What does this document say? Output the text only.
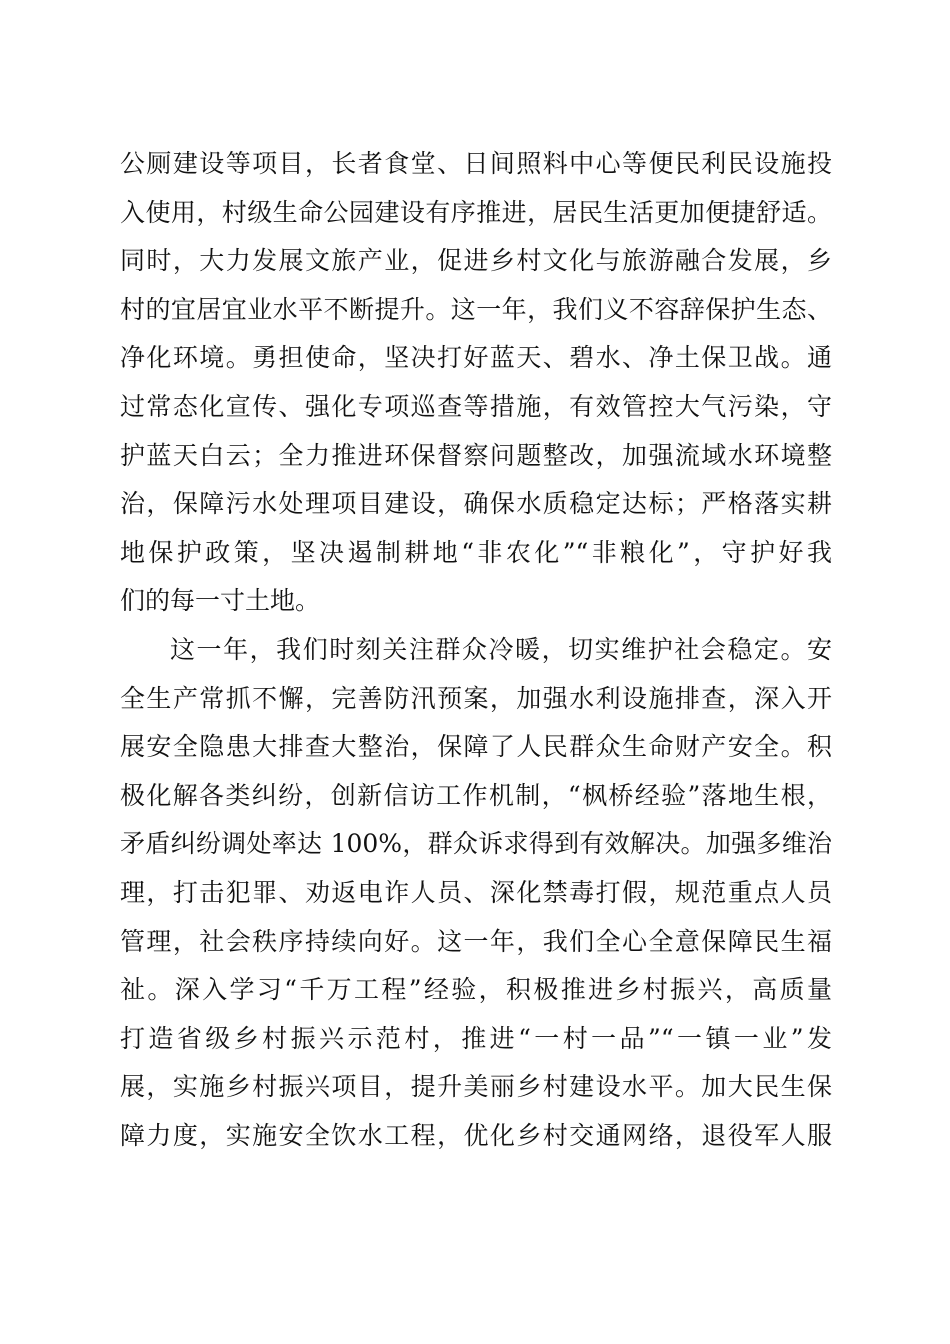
公厕建设等项目，长者食堂、日间照料中心等便民利民设施投
入使用，村级生命公园建设有序推进，居民生活更加便捷舒适。
同时，大力发展文旅产业，促进乡村文化与旅游融合发展，乡
村的宜居宜业水平不断提升。这一年，我们义不容辞保护生态、
净化环境。勇担使命，坚决打好蓝天、碧水、净土保卫战。通
过常态化宣传、强化专项巡查等措施，有效管控大气污染，守
护蓝天白云；全力推进环保督察问题整改，加强流域水环境整
治，保障污水处理项目建设，确保水质稳定达标；严格落实耕
地保护政策，坚决遏制耕地“非农化”“非粮化”，守护好我
们的每一寸土地。
这一年，我们时刻关注群众冷暖，切实维护社会稳定。安
全生产常抓不懈，完善防汛预案，加强水利设施排查，深入开
展安全隐患大排查大整治，保障了人民群众生命财产安全。积
极化解各类纠纷，创新信访工作机制，“枫桥经验”落地生根，
矛盾纠纷调处率达 100%，群众诉求得到有效解决。加强多维治
理，打击犯罪、劝返电诈人员、深化禁毒打假，规范重点人员
管理，社会秩序持续向好。这一年，我们全心全意保障民生福
祉。深入学习“千万工程”经验，积极推进乡村振兴，高质量
打造省级乡村振兴示范村，推进“一村一品”“一镇一业”发
展，实施乡村振兴项目，提升美丽乡村建设水平。加大民生保
障力度，实施安全饮水工程，优化乡村交通网络，退役军人服
